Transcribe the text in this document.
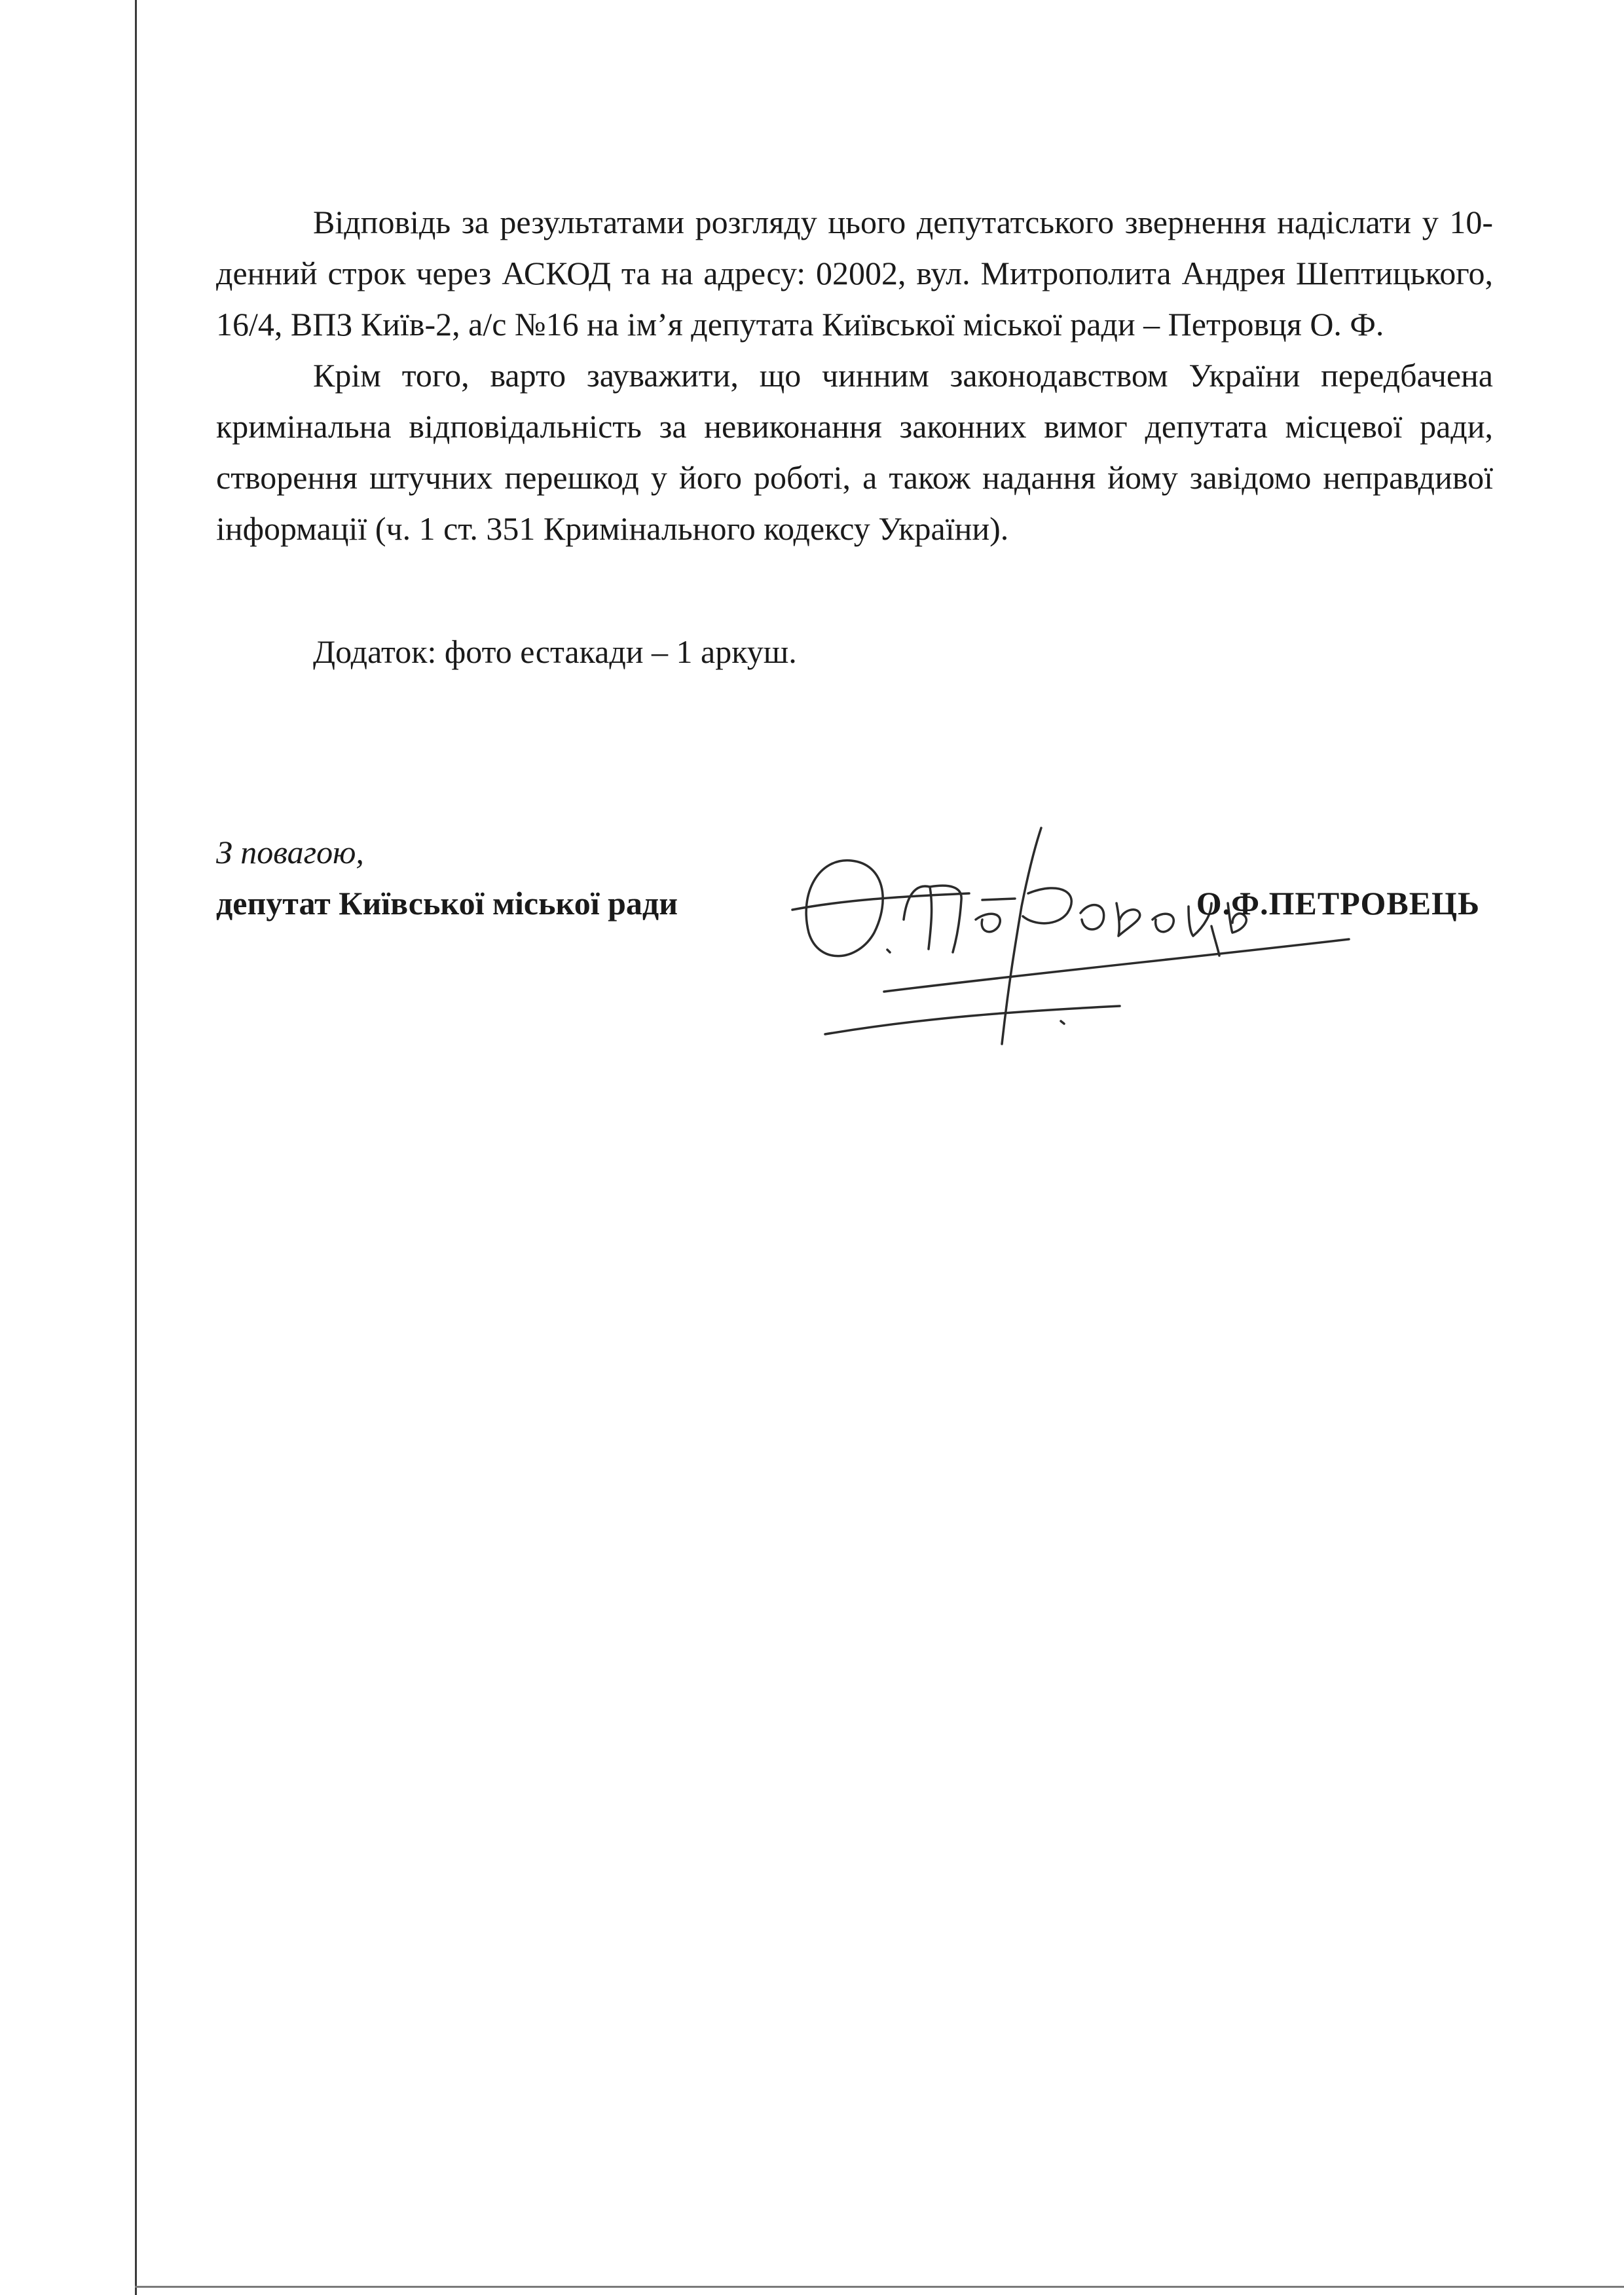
Відповідь за результатами розгляду цього депутатського звернення надіслати у 10-денний строк через АСКОД та на адресу: 02002, вул. Митрополита Андрея Шептицького, 16/4, ВПЗ Київ-2, а/с №16 на ім’я депутата Київської міської ради – Петровця О. Ф.

Крім того, варто зауважити, що чинним законодавством України передбачена кримінальна відповідальність за невиконання законних вимог депутата місцевої ради, створення штучних перешкод у його роботі, а також надання йому завідомо неправдивої інформації (ч. 1 ст. 351 Кримінального кодексу України).

Додаток: фото естакади – 1 аркуш.

З повагою,
депутат Київської міської ради	О.Ф.ПЕТРОВЕЦЬ
